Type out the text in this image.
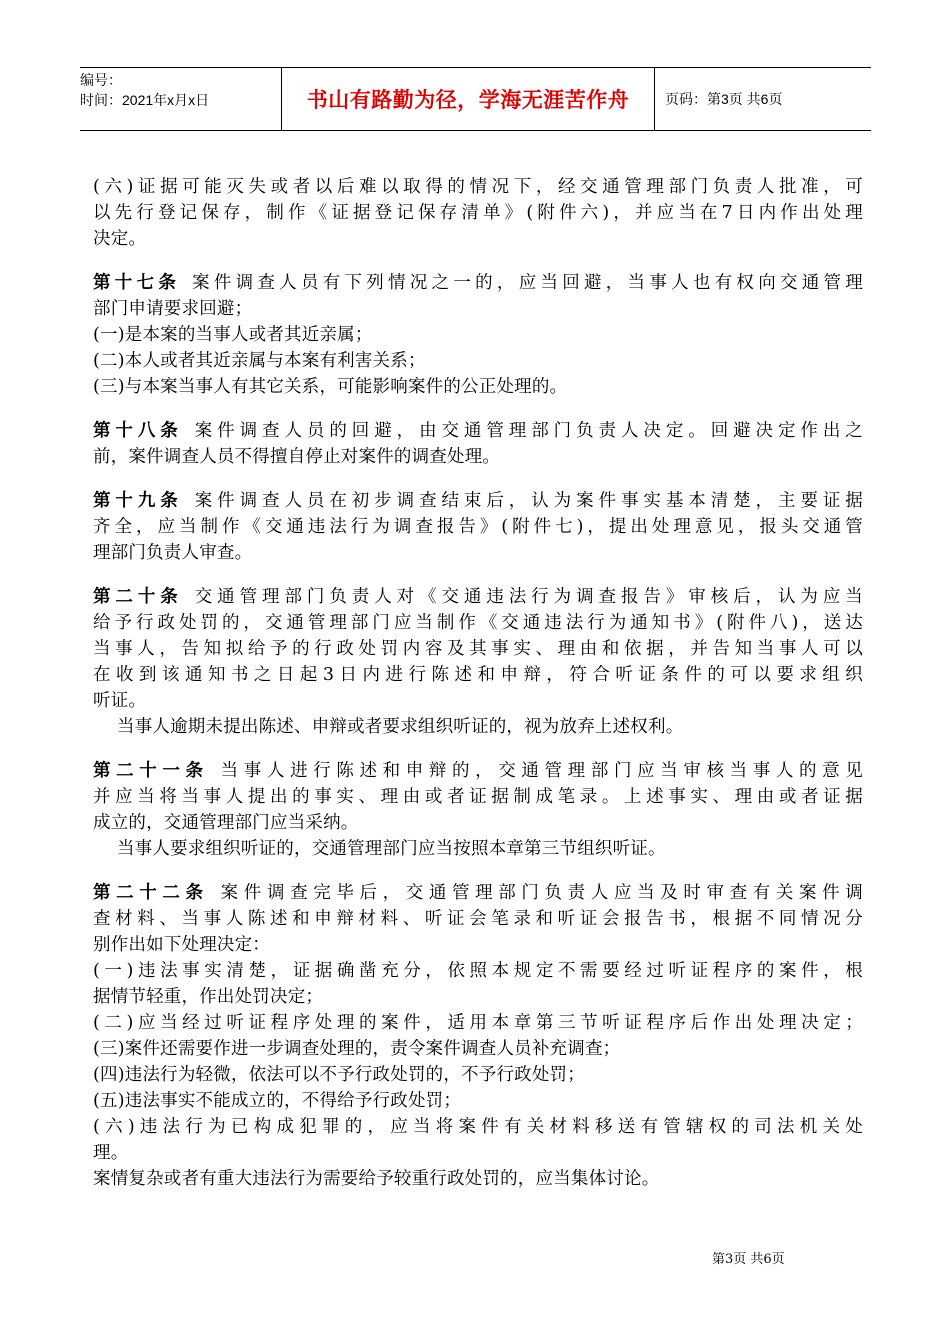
编号：
时间：2021年x月x日	书山有路勤为径，学海无涯苦作舟	页码：第3页 共6页
(六)证据可能灭失或者以后难以取得的情况下，经交通管理部门负责人批准，可
以先行登记保存，制作《证据登记保存清单》(附件六)，并应当在7日内作出处理
决定。
第十七条 案件调查人员有下列情况之一的，应当回避，当事人也有权向交通管理
部门申请要求回避；
(一)是本案的当事人或者其近亲属；
(二)本人或者其近亲属与本案有利害关系；
(三)与本案当事人有其它关系，可能影响案件的公正处理的。
第十八条 案件调查人员的回避，由交通管理部门负责人决定。回避决定作出之
前，案件调查人员不得擅自停止对案件的调查处理。
第十九条 案件调查人员在初步调查结束后，认为案件事实基本清楚，主要证据
齐全，应当制作《交通违法行为调查报告》(附件七)，提出处理意见，报头交通管
理部门负责人审查。
第二十条 交通管理部门负责人对《交通违法行为调查报告》审核后，认为应当
给予行政处罚的，交通管理部门应当制作《交通违法行为通知书》(附件八)，送达
当事人，告知拟给予的行政处罚内容及其事实、理由和依据，并告知当事人可以
在收到该通知书之日起3日内进行陈述和申辩，符合听证条件的可以要求组织
听证。
当事人逾期未提出陈述、申辩或者要求组织听证的，视为放弃上述权利。
第二十一条 当事人进行陈述和申辩的，交通管理部门应当审核当事人的意见
并应当将当事人提出的事实、理由或者证据制成笔录。上述事实、理由或者证据
成立的，交通管理部门应当采纳。
当事人要求组织听证的，交通管理部门应当按照本章第三节组织听证。
第二十二条 案件调查完毕后，交通管理部门负责人应当及时审查有关案件调
查材料、当事人陈述和申辩材料、听证会笔录和听证会报告书，根据不同情况分
别作出如下处理决定：
(一)违法事实清楚，证据确凿充分，依照本规定不需要经过听证程序的案件，根
据情节轻重，作出处罚决定；
(二)应当经过听证程序处理的案件，适用本章第三节听证程序后作出处理决定；
(三)案件还需要作进一步调查处理的，责令案件调查人员补充调查；
(四)违法行为轻微，依法可以不予行政处罚的，不予行政处罚；
(五)违法事实不能成立的，不得给予行政处罚；
(六)违法行为已构成犯罪的，应当将案件有关材料移送有管辖权的司法机关处
理。
案情复杂或者有重大违法行为需要给予较重行政处罚的，应当集体讨论。
第3页 共6页
